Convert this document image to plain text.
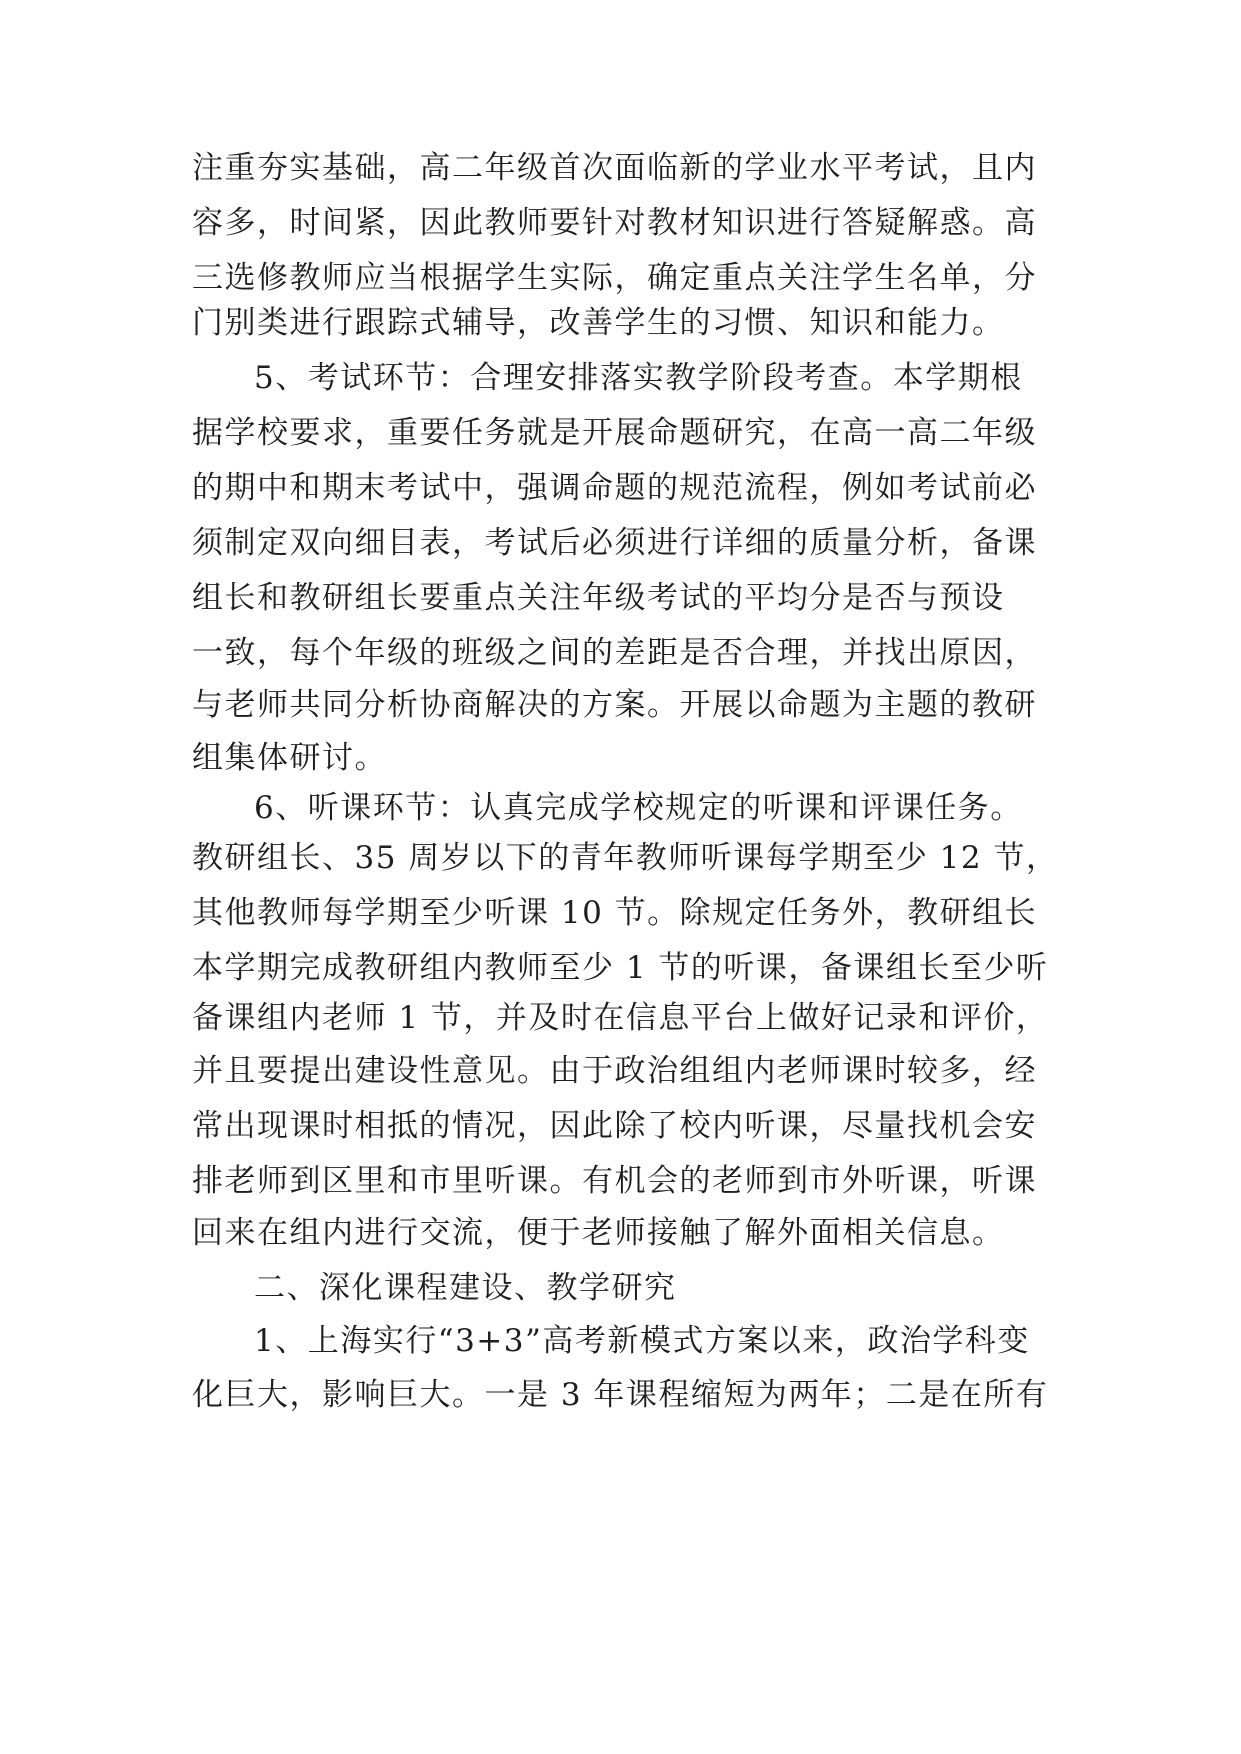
注重夯实基础，高二年级首次面临新的学业水平考试，且内
容多，时间紧，因此教师要针对教材知识进行答疑解惑。高
三选修教师应当根据学生实际，确定重点关注学生名单，分
门别类进行跟踪式辅导，改善学生的习惯、知识和能力。
5、考试环节：合理安排落实教学阶段考查。本学期根
据学校要求，重要任务就是开展命题研究，在高一高二年级
的期中和期末考试中，强调命题的规范流程，例如考试前必
须制定双向细目表，考试后必须进行详细的质量分析，备课
组长和教研组长要重点关注年级考试的平均分是否与预设
一致，每个年级的班级之间的差距是否合理，并找出原因，
与老师共同分析协商解决的方案。开展以命题为主题的教研
组集体研讨。
6、听课环节：认真完成学校规定的听课和评课任务。
教研组长、35 周岁以下的青年教师听课每学期至少 12 节，
其他教师每学期至少听课 10 节。除规定任务外，教研组长
本学期完成教研组内教师至少 1 节的听课，备课组长至少听
备课组内老师 1 节，并及时在信息平台上做好记录和评价，
并且要提出建设性意见。由于政治组组内老师课时较多，经
常出现课时相抵的情况，因此除了校内听课，尽量找机会安
排老师到区里和市里听课。有机会的老师到市外听课，听课
回来在组内进行交流，便于老师接触了解外面相关信息。
二、深化课程建设、教学研究
1、上海实行“3+3”高考新模式方案以来，政治学科变
化巨大，影响巨大。一是 3 年课程缩短为两年；二是在所有
